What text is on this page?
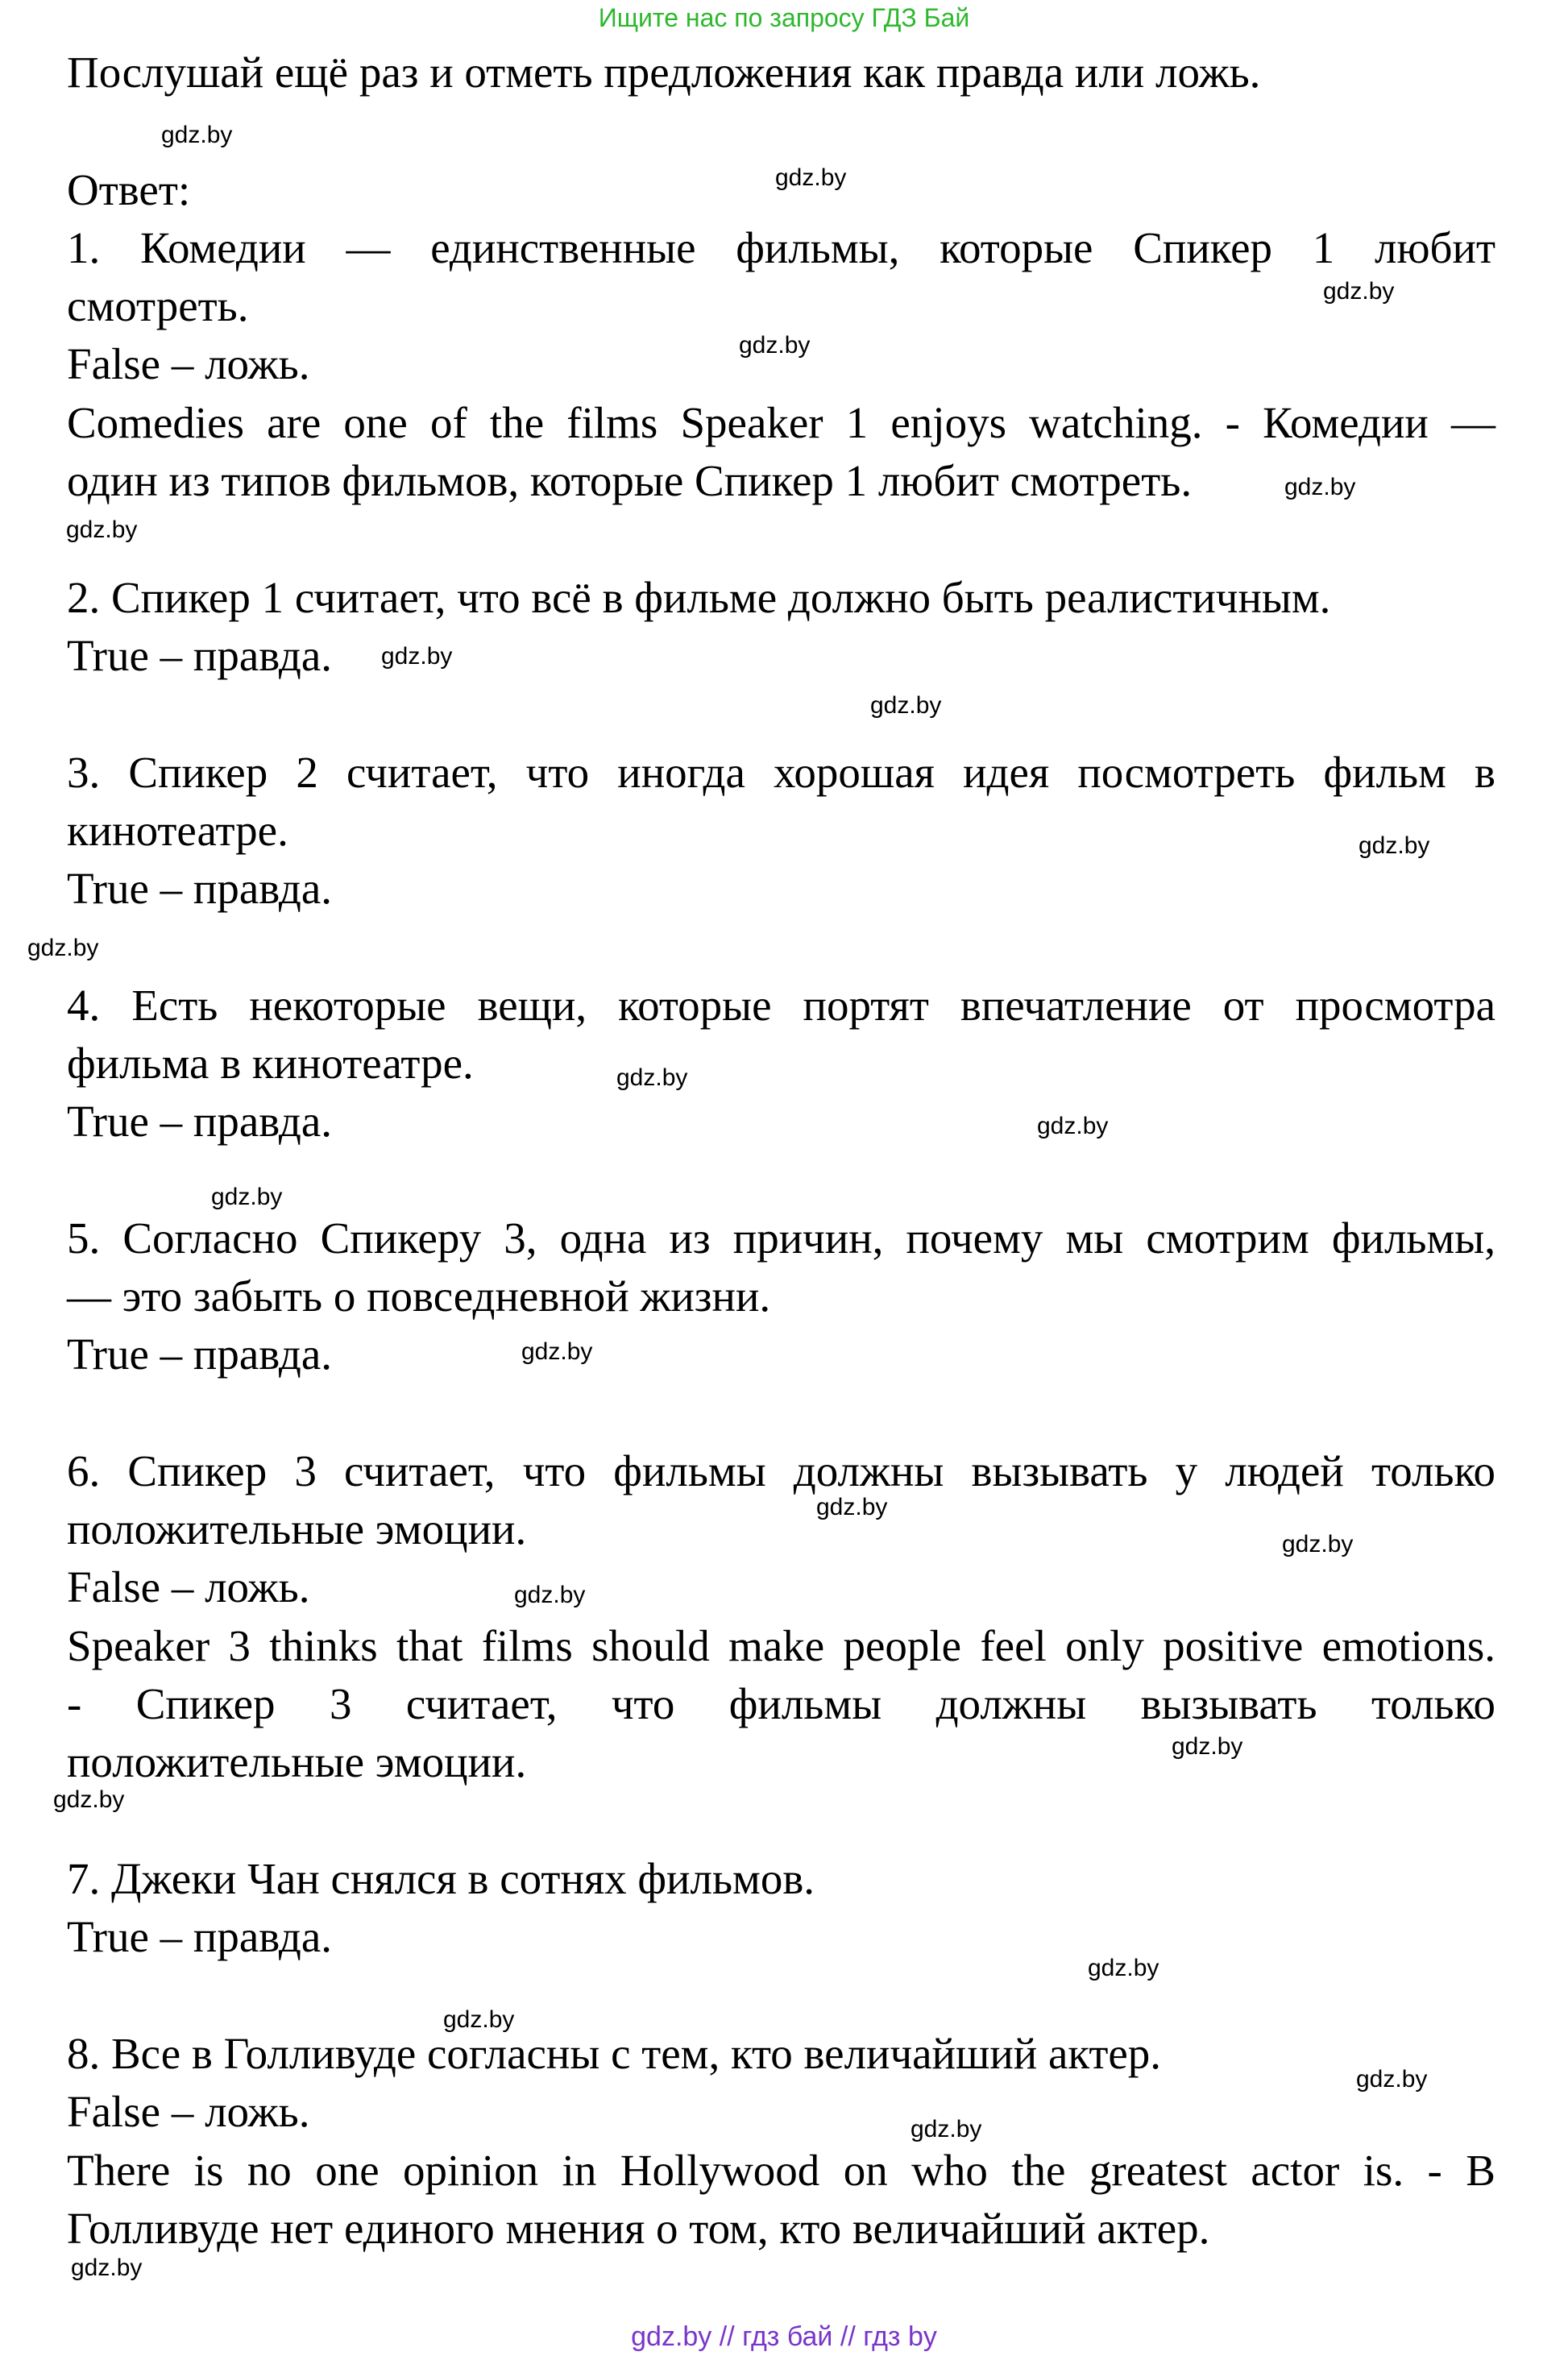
Ищите нас по запросу ГДЗ Бай
Послушай ещё раз и отметь предложения как правда или ложь.
Ответ:
1. Комедии — единственные фильмы, которые Спикер 1 любит
смотреть.
False – ложь.
Comedies are one of the films Speaker 1 enjoys watching. - Комедии —
один из типов фильмов, которые Спикер 1 любит смотреть.
2. Спикер 1 считает, что всё в фильме должно быть реалистичным.
True – правда.
3. Спикер 2 считает, что иногда хорошая идея посмотреть фильм в
кинотеатре.
True – правда.
4. Есть некоторые вещи, которые портят впечатление от просмотра
фильма в кинотеатре.
True – правда.
5. Согласно Спикеру 3, одна из причин, почему мы смотрим фильмы,
— это забыть о повседневной жизни.
True – правда.
6. Спикер 3 считает, что фильмы должны вызывать у людей только
положительные эмоции.
False – ложь.
Speaker 3 thinks that films should make people feel only positive emotions.
- Спикер 3 считает, что фильмы должны вызывать только
положительные эмоции.
7. Джеки Чан снялся в сотнях фильмов.
True – правда.
8. Все в Голливуде согласны с тем, кто величайший актер.
False – ложь.
There is no one opinion in Hollywood on who the greatest actor is. - В
Голливуде нет единого мнения о том, кто величайший актер.
gdz.by
gdz.by
gdz.by
gdz.by
gdz.by
gdz.by
gdz.by
gdz.by
gdz.by
gdz.by
gdz.by
gdz.by
gdz.by
gdz.by
gdz.by
gdz.by
gdz.by
gdz.by
gdz.by
gdz.by
gdz.by
gdz.by
gdz.by
gdz.by
gdz.by // гдз бай // гдз by
